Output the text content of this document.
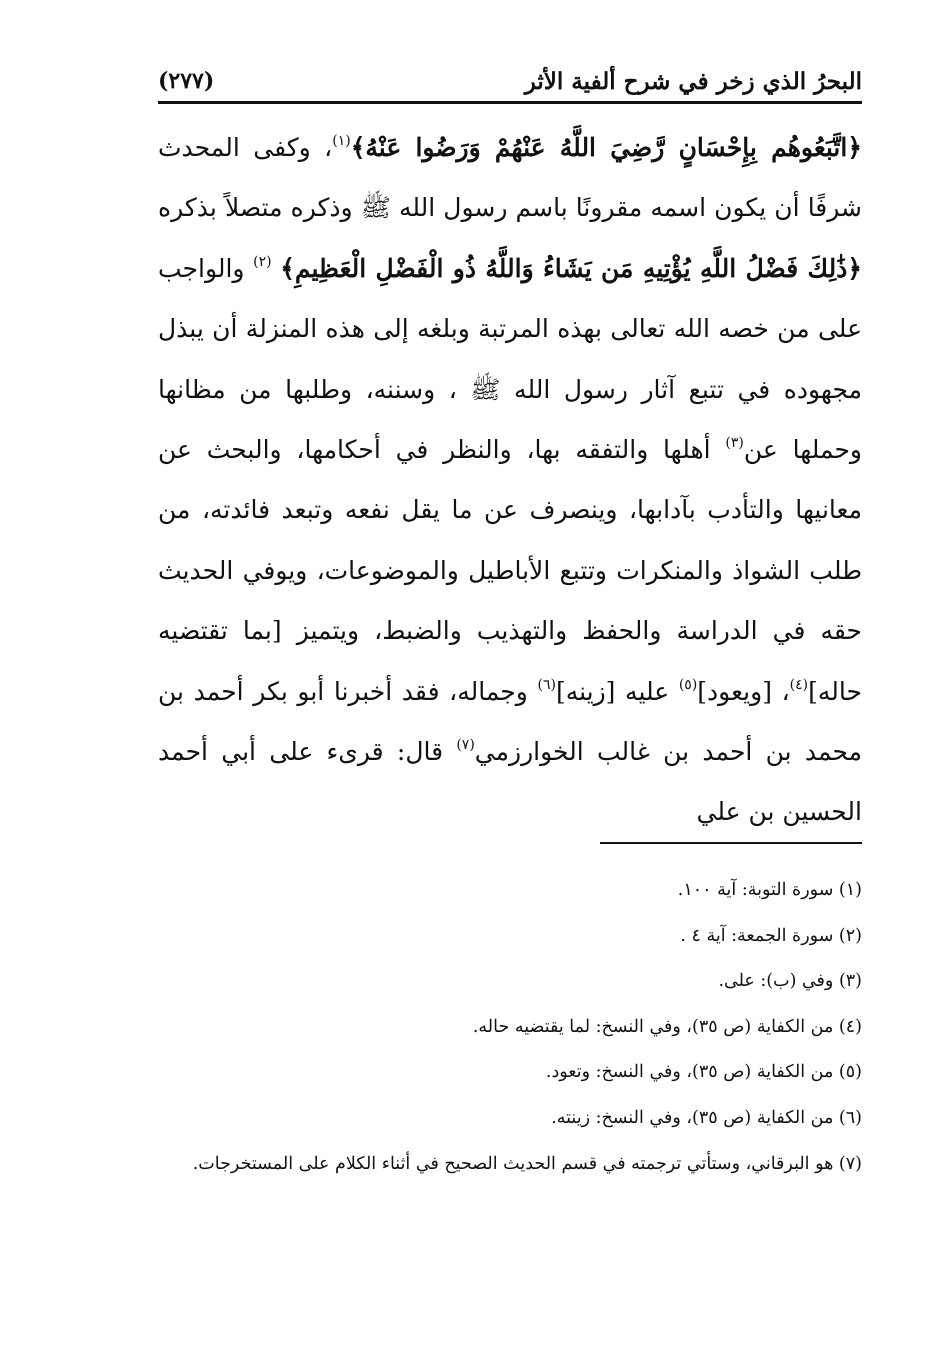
البحرُ الذي زخر في شرح ألفية الأثر
(٢٧٧)

﴿اتَّبَعُوهُم بِإِحْسَانٍ رَّضِيَ اللَّهُ عَنْهُمْ وَرَضُوا عَنْهُ﴾$^{(١)}$، وكفى المحدث شرفًا أن يكون اسمه مقرونًا باسم رسول الله ﷺ وذكره متصلاً بذكره ﴿ذَٰلِكَ فَضْلُ اللَّهِ يُؤْتِيهِ مَن يَشَاءُ وَاللَّهُ ذُو الْفَضْلِ الْعَظِيمِ﴾ $^{(٢)}$ والواجب على من خصه الله تعالى بهذه المرتبة وبلغه إلى هذه المنزلة أن يبذل مجهوده في تتبع آثار رسول الله ﷺ ، وسننه، وطلبها من مظانها وحملها عن$^{(٣)}$ أهلها والتفقه بها، والنظر في أحكامها، والبحث عن معانيها والتأدب بآدابها، وينصرف عن ما يقل نفعه وتبعد فائدته، من طلب الشواذ والمنكرات وتتبع الأباطيل والموضوعات، ويوفي الحديث حقه في الدراسة والحفظ والتهذيب والضبط، ويتميز [بما تقتضيه حاله]$^{(٤)}$، [ويعود]$^{(٥)}$ عليه [زينه]$^{(٦)}$ وجماله، فقد أخبرنا أبو بكر أحمد بن محمد بن أحمد بن غالب الخوارزمي$^{(٧)}$ قال: قرىء على أبي أحمد الحسين بن علي

(١) سورة التوبة: آية ١٠٠.

(٢) سورة الجمعة: آية ٤ .

(٣) وفي (ب): على.

(٤) من الكفاية (ص ٣٥)، وفي النسخ: لما يقتضيه حاله.

(٥) من الكفاية (ص ٣٥)، وفي النسخ: وتعود.

(٦) من الكفاية (ص ٣٥)، وفي النسخ: زينته.

(٧) هو البرقاني، وستأتي ترجمته في قسم الحديث الصحيح في أثناء الكلام على المستخرجات.
